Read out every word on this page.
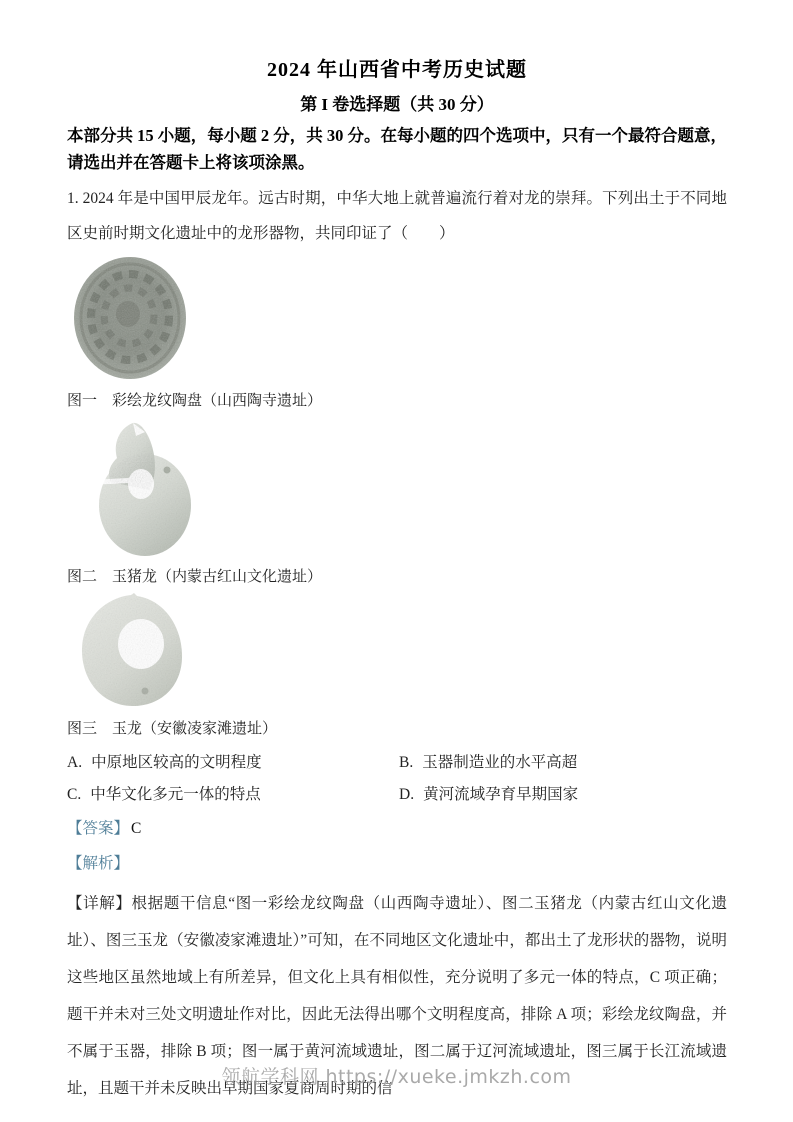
2024 年山西省中考历史试题
第 I 卷选择题（共 30 分）
本部分共 15 小题，每小题 2 分，共 30 分。在每小题的四个选项中，只有一个最符合题意，请选出并在答题卡上将该项涂黑。
1. 2024 年是中国甲辰龙年。远古时期，中华大地上就普遍流行着对龙的崇拜。下列出土于不同地区史前时期文化遗址中的龙形器物，共同印证了（　　）
图一　彩绘龙纹陶盘（山西陶寺遗址）
图二　玉猪龙（内蒙古红山文化遗址）
图三　玉龙（安徽凌家滩遗址）
A. 中原地区较高的文明程度	B. 玉器制造业的水平高超
C. 中华文化多元一体的特点	D. 黄河流域孕育早期国家
【答案】 C
【解析】
【详解】根据题干信息“图一彩绘龙纹陶盘（山西陶寺遗址）、图二玉猪龙（内蒙古红山文化遗址）、图三玉龙（安徽凌家滩遗址）”可知，在不同地区文化遗址中，都出土了龙形状的器物，说明这些地区虽然地域上有所差异，但文化上具有相似性，充分说明了多元一体的特点，C 项正确；题干并未对三处文明遗址作对比，因此无法得出哪个文明程度高，排除 A 项；彩绘龙纹陶盘，并不属于玉器，排除 B 项；图一属于黄河流域遗址，图二属于辽河流域遗址，图三属于长江流域遗址，且题干并未反映出早期国家夏商周时期的信
领航学科网 https://xueke.jmkzh.com
